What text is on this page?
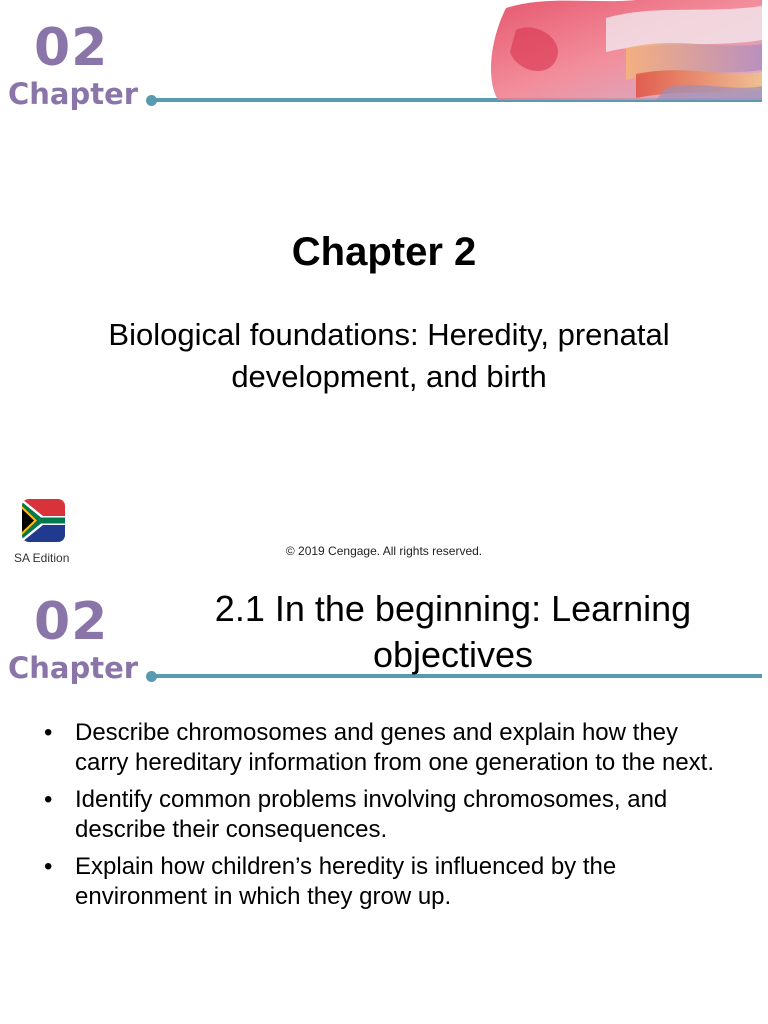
02
Chapter
Chapter 2
Biological foundations: Heredity, prenatal development, and birth
SA Edition	© 2019 Cengage. All rights reserved.
02
Chapter
2.1 In the beginning: Learning objectives
• Describe chromosomes and genes and explain how they carry hereditary information from one generation to the next.
• Identify common problems involving chromosomes, and describe their consequences.
• Explain how children’s heredity is influenced by the environment in which they grow up.
